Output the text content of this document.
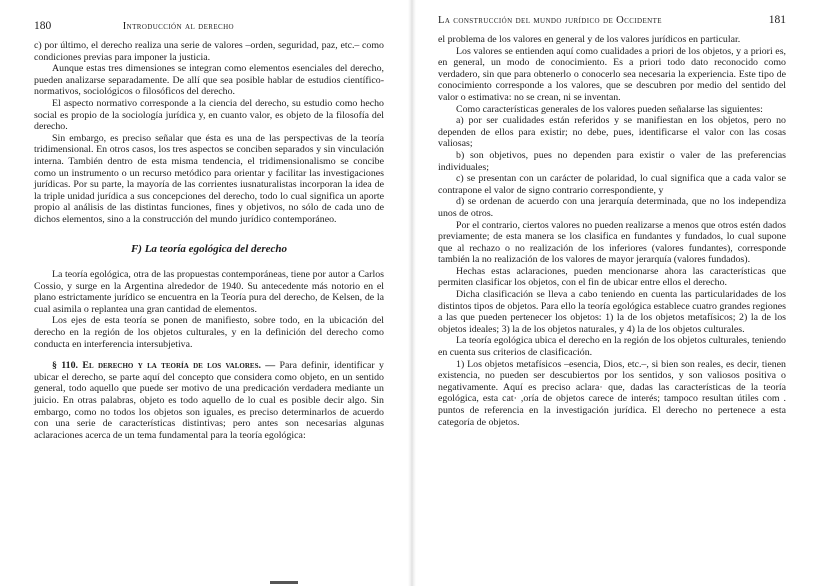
180	Introducción al derecho

c) por último, el derecho realiza una serie de valores –orden, seguridad, paz, etc.– como condiciones previas para imponer la justicia.

Aunque estas tres dimensiones se integran como elementos esenciales del derecho, pueden analizarse separadamente. De allí que sea posible hablar de estudios científico-normativos, sociológicos o filosóficos del derecho.

El aspecto normativo corresponde a la ciencia del derecho, su estudio como hecho social es propio de la sociología jurídica y, en cuanto valor, es objeto de la filosofía del derecho.

Sin embargo, es preciso señalar que ésta es una de las perspectivas de la teoría tridimensional. En otros casos, los tres aspectos se conciben separados y sin vinculación interna. También dentro de esta misma tendencia, el tridimensionalismo se concibe como un instrumento o un recurso metódico para orientar y facilitar las investigaciones jurídicas. Por su parte, la mayoría de las corrientes iusnaturalistas incorporan la idea de la triple unidad jurídica a sus concepciones del derecho, todo lo cual significa un aporte propio al análisis de las distintas funciones, fines y objetivos, no sólo de cada uno de dichos elementos, sino a la construcción del mundo jurídico contemporáneo.

F) La teoría egológica del derecho

La teoría egológica, otra de las propuestas contemporáneas, tiene por autor a Carlos Cossio, y surge en la Argentina alrededor de 1940. Su antecedente más notorio en el plano estrictamente jurídico se encuentra en la Teoría pura del derecho, de Kelsen, de la cual asimila o replantea una gran cantidad de elementos.

Los ejes de esta teoría se ponen de manifiesto, sobre todo, en la ubicación del derecho en la región de los objetos culturales, y en la definición del derecho como conducta en interferencia intersubjetiva.

§ 110. El derecho y la teoría de los valores. — Para definir, identificar y ubicar el derecho, se parte aquí del concepto que considera como objeto, en un sentido general, todo aquello que puede ser motivo de una predicación verdadera mediante un juicio. En otras palabras, objeto es todo aquello de lo cual es posible decir algo. Sin embargo, como no todos los objetos son iguales, es preciso determinarlos de acuerdo con una serie de características distintivas; pero antes son necesarias algunas aclaraciones acerca de un tema fundamental para la teoría egológica:

La construcción del mundo jurídico de Occidente	181

el problema de los valores en general y de los valores jurídicos en particular.

Los valores se entienden aquí como cualidades a priori de los objetos, y a priori es, en general, un modo de conocimiento. Es a priori todo dato reconocido como verdadero, sin que para obtenerlo o conocerlo sea necesaria la experiencia. Este tipo de conocimiento corresponde a los valores, que se descubren por medio del sentido del valor o estimativa: no se crean, ni se inventan.

Como características generales de los valores pueden señalarse las siguientes:

a) por ser cualidades están referidos y se manifiestan en los objetos, pero no dependen de ellos para existir; no debe, pues, identificarse el valor con las cosas valiosas;

b) son objetivos, pues no dependen para existir o valer de las preferencias individuales;

c) se presentan con un carácter de polaridad, lo cual significa que a cada valor se contrapone el valor de signo contrario correspondiente, y

d) se ordenan de acuerdo con una jerarquía determinada, que no los independiza unos de otros.

Por el contrario, ciertos valores no pueden realizarse a menos que otros estén dados previamente; de esta manera se los clasifica en fundantes y fundados, lo cual supone que al rechazo o no realización de los inferiores (valores fundantes), corresponde también la no realización de los valores de mayor jerarquía (valores fundados).

Hechas estas aclaraciones, pueden mencionarse ahora las características que permiten clasificar los objetos, con el fin de ubicar entre ellos el derecho.

Dicha clasificación se lleva a cabo teniendo en cuenta las particularidades de los distintos tipos de objetos. Para ello la teoría egológica establece cuatro grandes regiones a las que pueden pertenecer los objetos: 1) la de los objetos metafísicos; 2) la de los objetos ideales; 3) la de los objetos naturales, y 4) la de los objetos culturales.

La teoría egológica ubica el derecho en la región de los objetos culturales, teniendo en cuenta sus criterios de clasificación.

1) Los objetos metafísicos –esencia, Dios, etc.–, si bien son reales, es decir, tienen existencia, no pueden ser descubiertos por los sentidos, y son valiosos positiva o negativamente. Aquí es preciso aclara· que, dadas las características de la teoría egológica, esta cat· ,oría de objetos carece de interés; tampoco resultan útiles com . puntos de referencia en la investigación jurídica. El derecho no pertenece a esta categoría de objetos.
